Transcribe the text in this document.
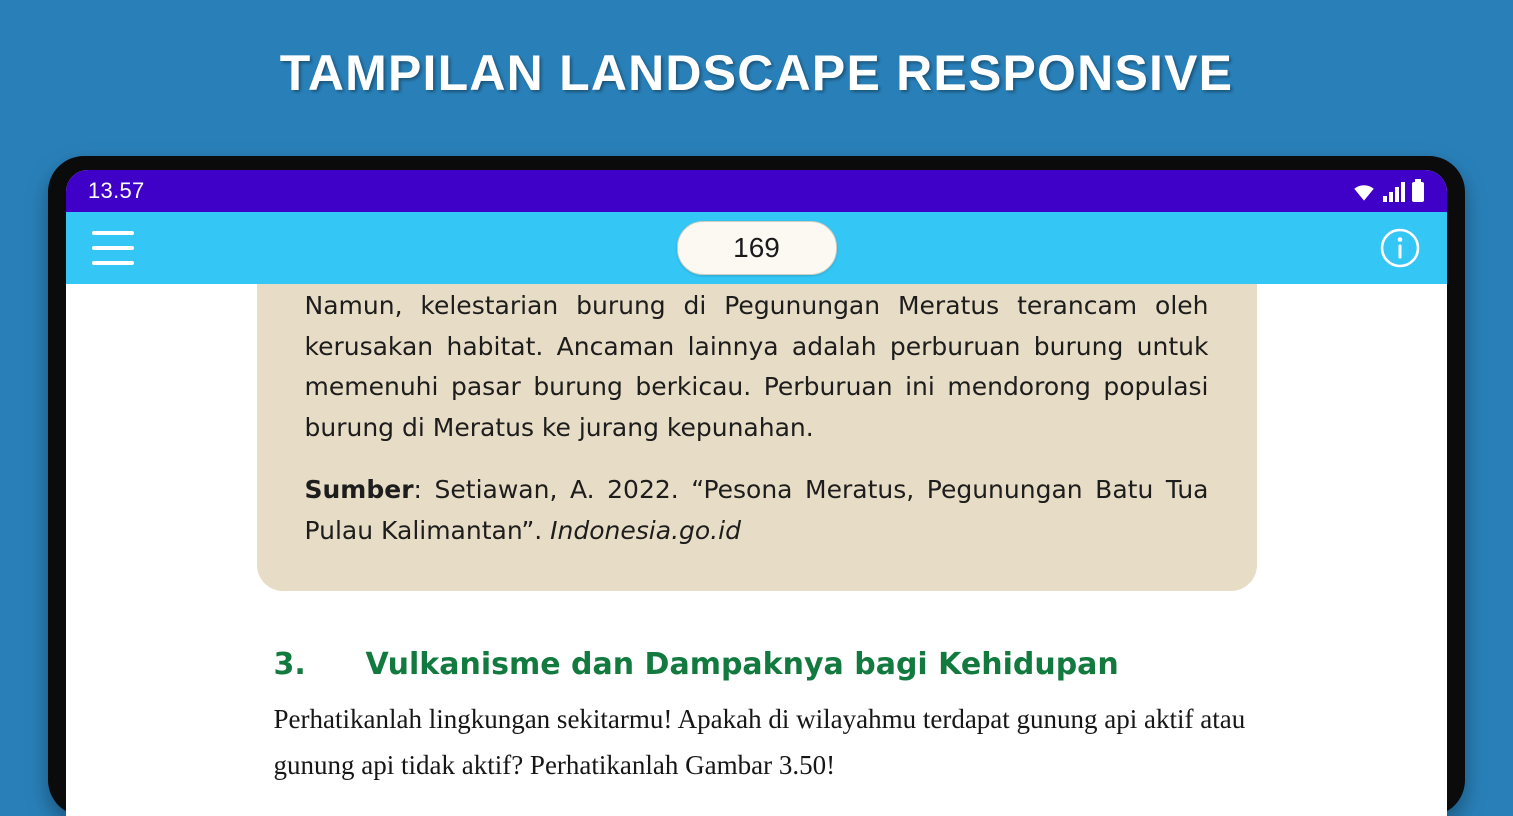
TAMPILAN LANDSCAPE RESPONSIVE
13.57
169

Namun, kelestarian burung di Pegunungan Meratus terancam oleh kerusakan habitat. Ancaman lainnya adalah perburuan burung untuk memenuhi pasar burung berkicau. Perburuan ini mendorong populasi burung di Meratus ke jurang kepunahan.

Sumber: Setiawan, A. 2022. “Pesona Meratus, Pegunungan Batu Tua Pulau Kalimantan”. Indonesia.go.id

3.	Vulkanisme dan Dampaknya bagi Kehidupan

Perhatikanlah lingkungan sekitarmu! Apakah di wilayahmu terdapat gunung api aktif atau gunung api tidak aktif? Perhatikanlah Gambar 3.50!
